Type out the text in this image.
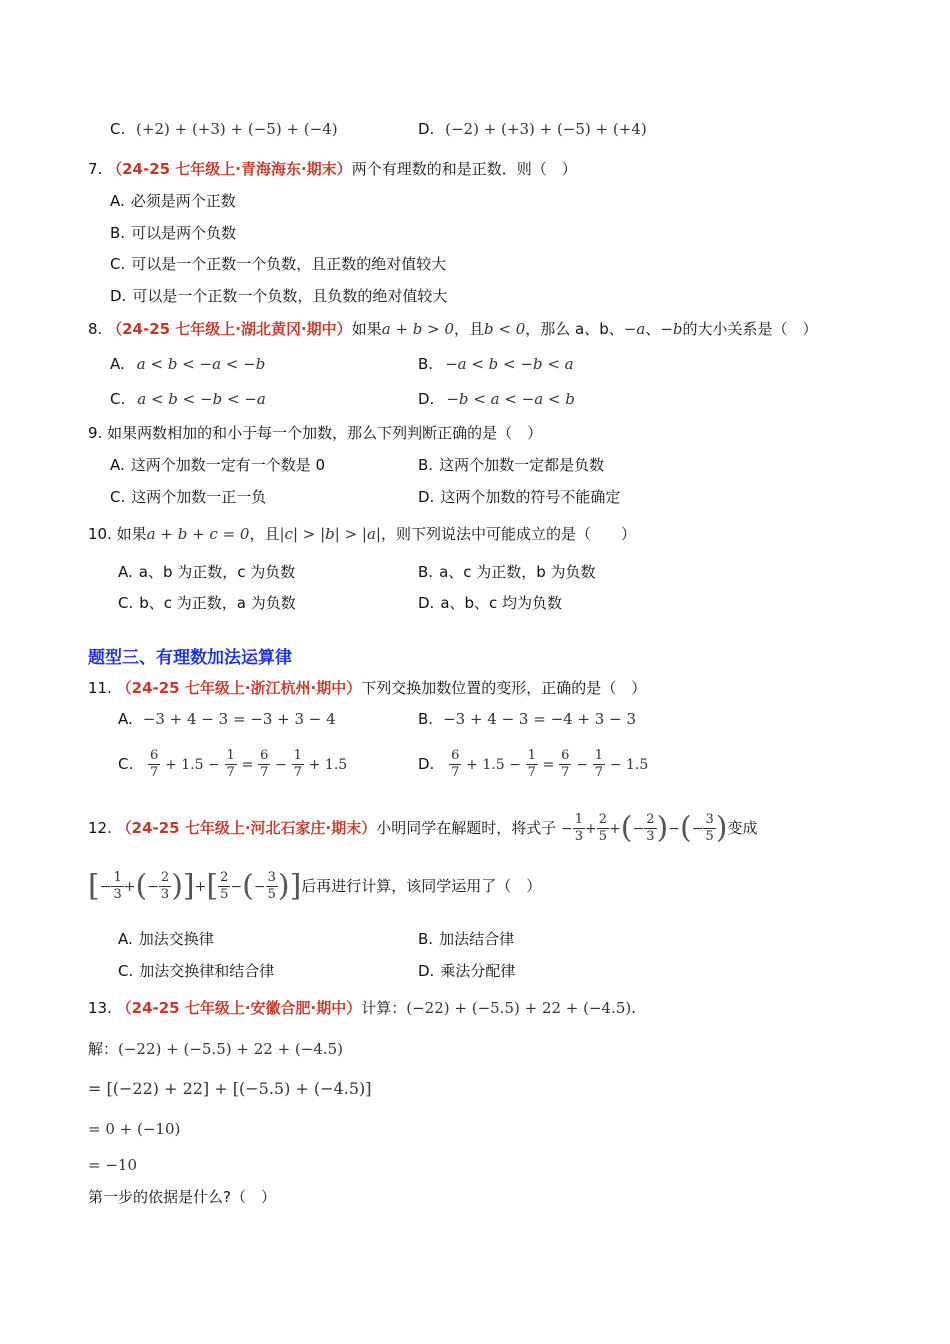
C. (+2) + (+3) + (−5) + (−4)	D. (−2) + (+3) + (−5) + (+4)
7. （24-25 七年级上·青海海东·期末）两个有理数的和是正数．则（　）
A. 必须是两个正数
B. 可以是两个负数
C. 可以是一个正数一个负数，且正数的绝对值较大
D. 可以是一个正数一个负数，且负数的绝对值较大
8. （24-25 七年级上·湖北黄冈·期中）如果a + b > 0，且b < 0，那么 a、b、−a、−b的大小关系是（　）
A. a < b < −a < −b	B. −a < b < −b < a
C. a < b < −b < −a	D. −b < a < −a < b
9. 如果两数相加的和小于每一个加数，那么下列判断正确的是（　）
A. 这两个加数一定有一个数是 0	B. 这两个加数一定都是负数
C. 这两个加数一正一负	D. 这两个加数的符号不能确定
10. 如果a + b + c = 0，且|c| > |b| > |a|，则下列说法中可能成立的是（　　）
A. a、b 为正数，c 为负数	B. a、c 为正数，b 为负数
C. b、c 为正数，a 为负数	D. a、b、c 均为负数
题型三、有理数加法运算律
11. （24-25 七年级上·浙江杭州·期中）下列交换加数位置的变形，正确的是（　）
A. −3 + 4 − 3 = −3 + 3 − 4	B. −3 + 4 − 3 = −4 + 3 − 3
C. $\frac{6}{7} + 1.5 - \frac{1}{7} = \frac{6}{7} - \frac{1}{7} + 1.5$	D. $\frac{6}{7} + 1.5 - \frac{1}{7} = \frac{6}{7} - \frac{1}{7} - 1.5$
12. （24-25 七年级上·河北石家庄·期末）小明同学在解题时，将式子 − $\frac{1}{3} + \frac{2}{5}$ +(− $\frac{2}{3}$ )−(− $\frac{3}{5}$ )变成
[− $\frac{1}{3}$ +(− $\frac{2}{3}$ )]+[ $\frac{2}{5}$ −(− $\frac{3}{5}$ )]后再进行计算，该同学运用了（　）
A. 加法交换律	B. 加法结合律
C. 加法交换律和结合律	D. 乘法分配律
13. （24-25 七年级上·安徽合肥·期中）计算：(−22) + (−5.5) + 22 + (−4.5).
解：(−22) + (−5.5) + 22 + (−4.5)
= [(−22) + 22] + [(−5.5) + (−4.5)]
= 0 + (−10)
= −10
第一步的依据是什么?（　）
